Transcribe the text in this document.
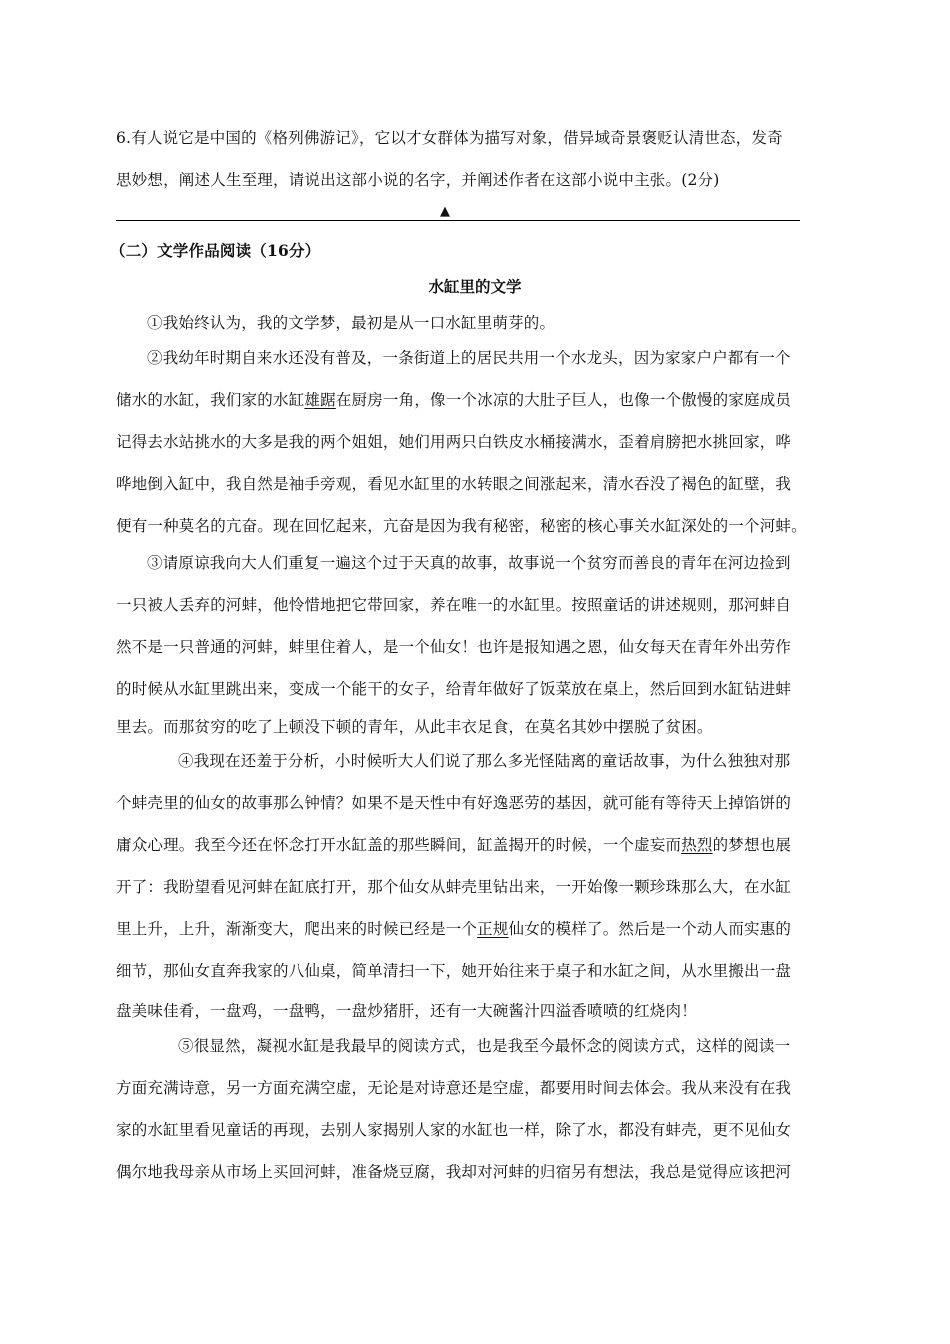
6.有人说它是中国的《格列佛游记》，它以才女群体为描写对象，借异域奇景褒贬认清世态，发奇
思妙想，阐述人生至理，请说出这部小说的名字，并阐述作者在这部小说中主张。(2分)
▲
（二）文学作品阅读（16分）
水缸里的文学
①我始终认为，我的文学梦，最初是从一口水缸里萌芽的。
②我幼年时期自来水还没有普及，一条街道上的居民共用一个水龙头，因为家家户户都有一个
储水的水缸，我们家的水缸雄踞在厨房一角，像一个冰凉的大肚子巨人，也像一个傲慢的家庭成员
记得去水站挑水的大多是我的两个姐姐，她们用两只白铁皮水桶接满水，歪着肩膀把水挑回家，哗
哗地倒入缸中，我自然是袖手旁观，看见水缸里的水转眼之间涨起来，清水吞没了褐色的缸壁，我
便有一种莫名的亢奋。现在回忆起来，亢奋是因为我有秘密，秘密的核心事关水缸深处的一个河蚌。
③请原谅我向大人们重复一遍这个过于天真的故事，故事说一个贫穷而善良的青年在河边捡到
一只被人丢弃的河蚌，他怜惜地把它带回家，养在唯一的水缸里。按照童话的讲述规则，那河蚌自
然不是一只普通的河蚌，蚌里住着人，是一个仙女！也许是报知遇之恩，仙女每天在青年外出劳作
的时候从水缸里跳出来，变成一个能干的女子，给青年做好了饭菜放在桌上，然后回到水缸钻进蚌
里去。而那贫穷的吃了上顿没下顿的青年，从此丰衣足食，在莫名其妙中摆脱了贫困。
④我现在还羞于分析，小时候听大人们说了那么多光怪陆离的童话故事，为什么独独对那
个蚌壳里的仙女的故事那么钟情？如果不是天性中有好逸恶劳的基因，就可能有等待天上掉馅饼的
庸众心理。我至今还在怀念打开水缸盖的那些瞬间，缸盖揭开的时候，一个虚妄而热烈的梦想也展
开了：我盼望看见河蚌在缸底打开，那个仙女从蚌壳里钻出来，一开始像一颗珍珠那么大，在水缸
里上升，上升，渐渐变大，爬出来的时候已经是一个正规仙女的模样了。然后是一个动人而实惠的
细节，那仙女直奔我家的八仙桌，简单清扫一下，她开始往来于桌子和水缸之间，从水里搬出一盘
盘美味佳肴，一盘鸡，一盘鸭，一盘炒猪肝，还有一大碗酱汁四溢香喷喷的红烧肉！
⑤很显然，凝视水缸是我最早的阅读方式，也是我至今最怀念的阅读方式，这样的阅读一
方面充满诗意，另一方面充满空虚，无论是对诗意还是空虚，都要用时间去体会。我从来没有在我
家的水缸里看见童话的再现，去别人家揭别人家的水缸也一样，除了水，都没有蚌壳，更不见仙女
偶尔地我母亲从市场上买回河蚌，准备烧豆腐，我却对河蚌的归宿另有想法，我总是觉得应该把河
